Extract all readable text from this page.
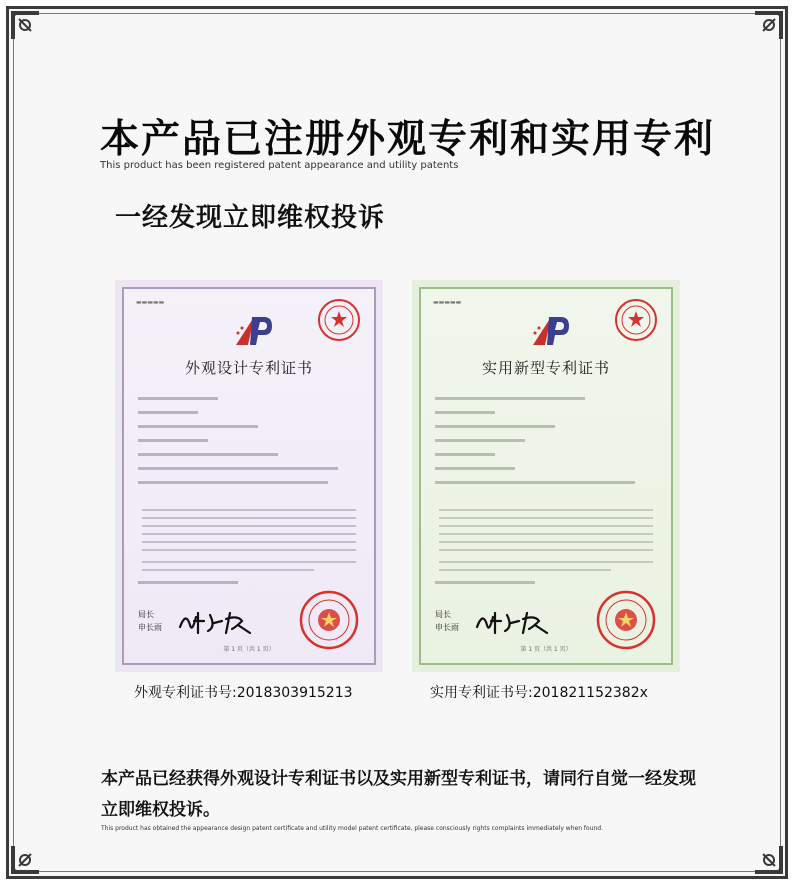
本产品已注册外观专利和实用专利
This product has been registered patent appearance and utility patents
一经发现立即维权投诉
▬▬▬▬▬
外观设计专利证书
局长
申长雨
第 1 页（共 1 页）
▬▬▬▬▬
实用新型专利证书
局长
申长雨
第 1 页（共 1 页）
外观专利证书号:2018303915213	实用专利证书号:201821152382x
本产品已经获得外观设计专利证书以及实用新型专利证书，请同行自觉一经发现立即维权投诉。
This product has obtained the appearance design patent certificate and utility model patent certificate, please consciously rights complaints immediately when found.
